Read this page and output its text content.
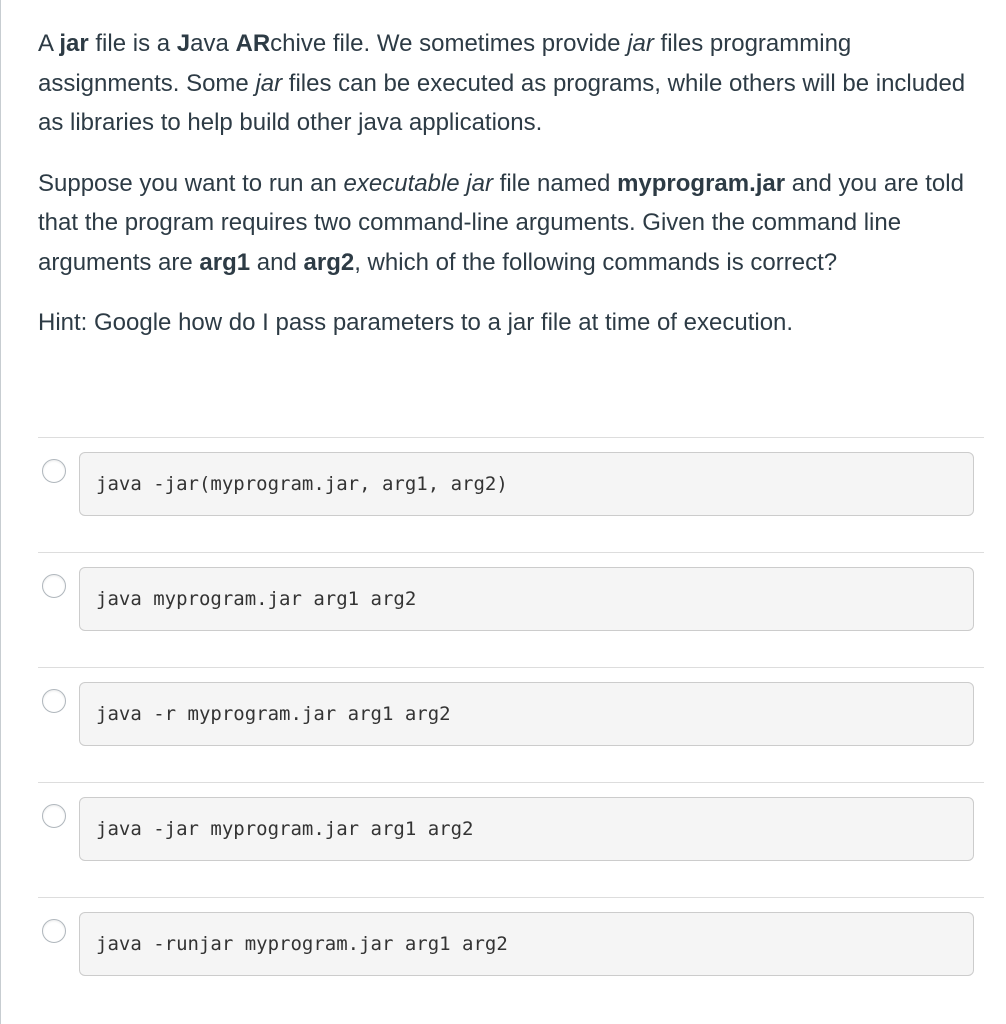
A jar file is a Java ARchive file. We sometimes provide jar files programming assignments. Some jar files can be executed as programs, while others will be included as libraries to help build other java applications.

Suppose you want to run an executable jar file named myprogram.jar and you are told that the program requires two command-line arguments. Given the command line arguments are arg1 and arg2, which of the following commands is correct?

Hint: Google how do I pass parameters to a jar file at time of execution.

java -jar(myprogram.jar, arg1, arg2)
java myprogram.jar arg1 arg2
java -r myprogram.jar arg1 arg2
java -jar myprogram.jar arg1 arg2
java -runjar myprogram.jar arg1 arg2
